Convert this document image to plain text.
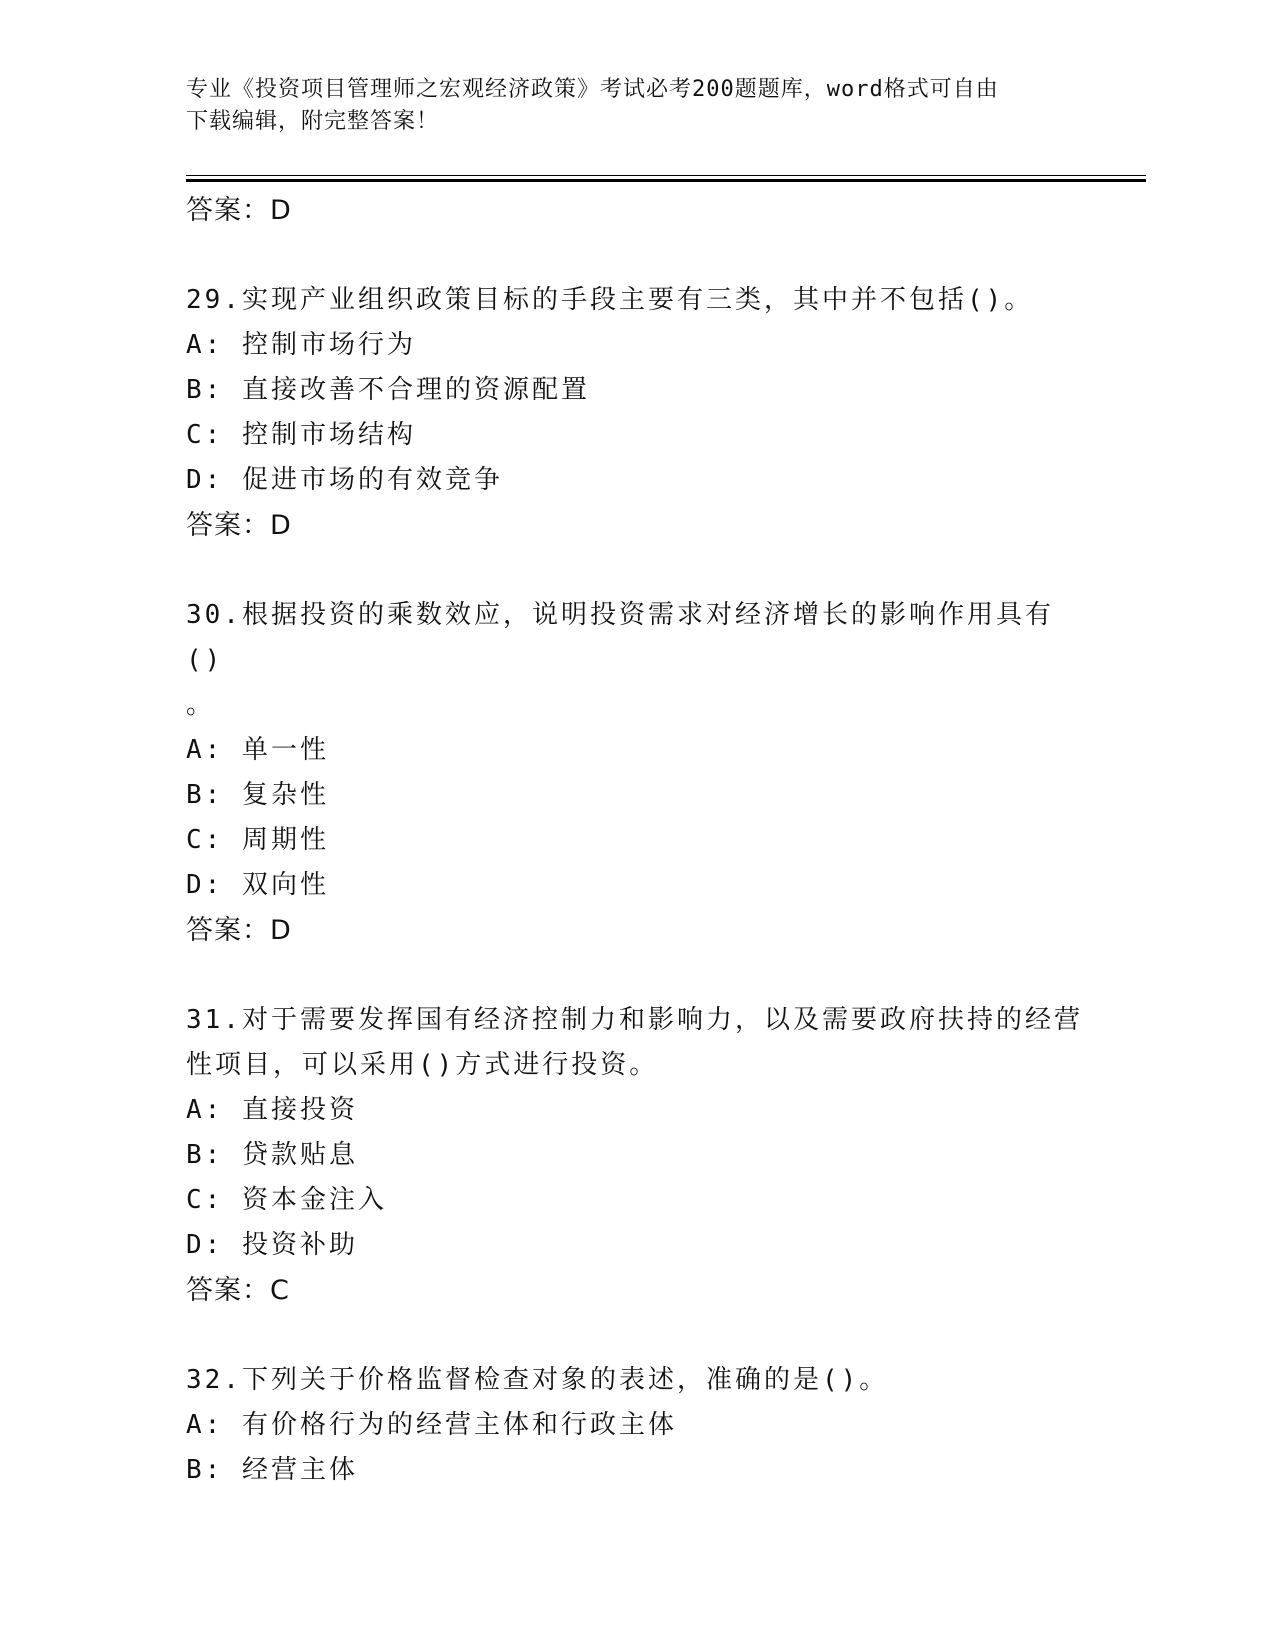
专业《投资项目管理师之宏观经济政策》考试必考200题题库，word格式可自由
下载编辑，附完整答案！
答案：D
29.实现产业组织政策目标的手段主要有三类，其中并不包括()。
A: 控制市场行为
B: 直接改善不合理的资源配置
C: 控制市场结构
D: 促进市场的有效竞争
答案：D
30.根据投资的乘数效应，说明投资需求对经济增长的影响作用具有()
。
A: 单一性
B: 复杂性
C: 周期性
D: 双向性
答案：D
31.对于需要发挥国有经济控制力和影响力，以及需要政府扶持的经营
性项目，可以采用()方式进行投资。
A: 直接投资
B: 贷款贴息
C: 资本金注入
D: 投资补助
答案：C
32.下列关于价格监督检查对象的表述，准确的是()。
A: 有价格行为的经营主体和行政主体
B: 经营主体
